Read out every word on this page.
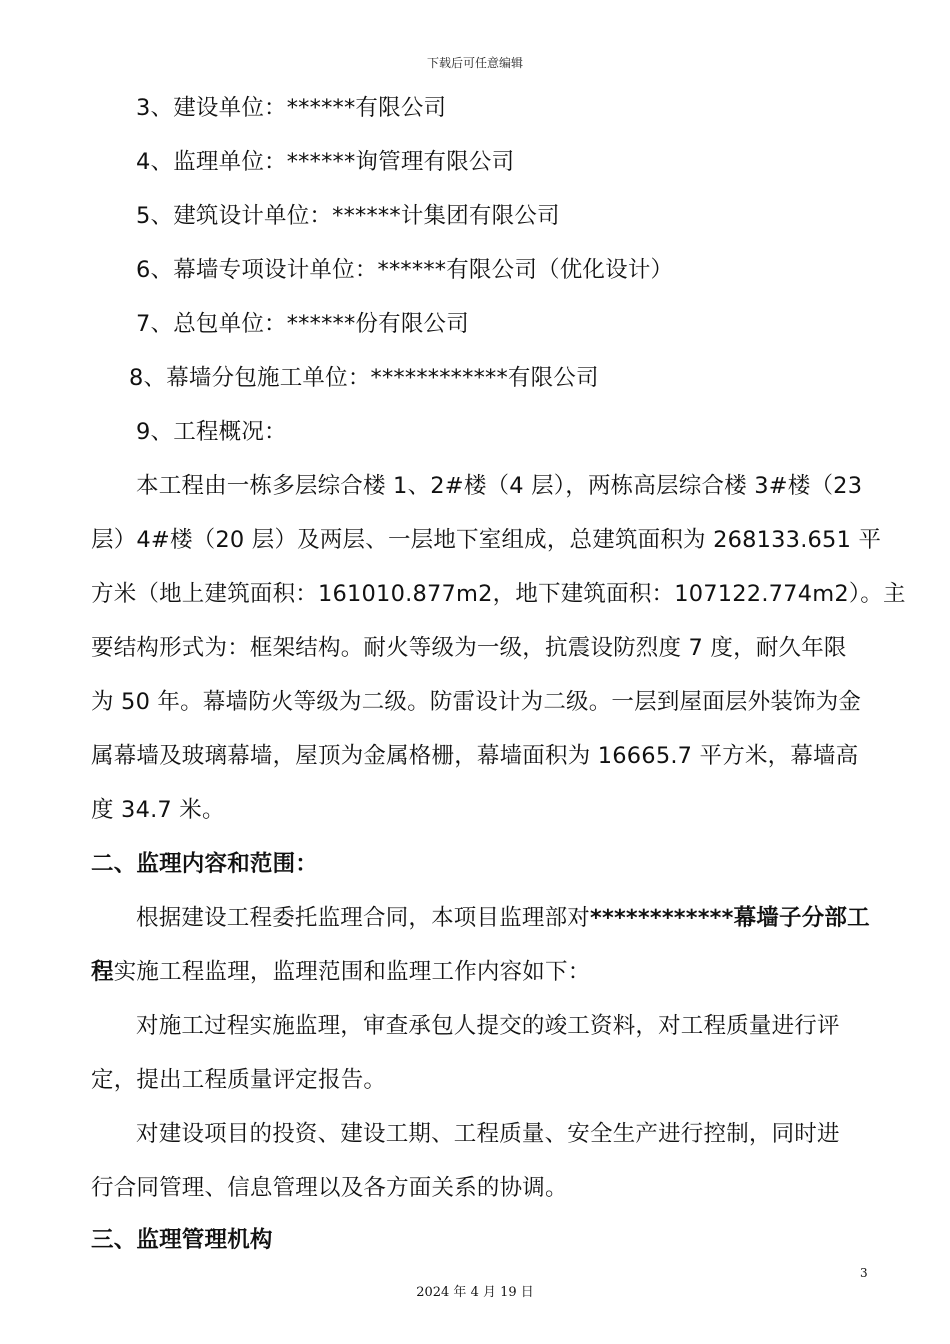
下载后可任意编辑
3、建设单位：******有限公司
4、监理单位：******询管理有限公司
5、建筑设计单位：******计集团有限公司
6、幕墙专项设计单位：******有限公司（优化设计）
7、总包单位：******份有限公司
8、幕墙分包施工单位：************有限公司
9、工程概况：
本工程由一栋多层综合楼 1、2#楼（4 层），两栋高层综合楼 3#楼（23
层）4#楼（20 层）及两层、一层地下室组成，总建筑面积为 268133.651 平
方米（地上建筑面积：161010.877m2，地下建筑面积：107122.774m2）。主
要结构形式为：框架结构。耐火等级为一级，抗震设防烈度 7 度，耐久年限
为 50 年。幕墙防火等级为二级。防雷设计为二级。一层到屋面层外装饰为金
属幕墙及玻璃幕墙，屋顶为金属格栅，幕墙面积为 16665.7 平方米，幕墙高
度 34.7 米。
二、监理内容和范围：
根据建设工程委托监理合同，本项目监理部对************幕墙子分部工
程实施工程监理，监理范围和监理工作内容如下：
对施工过程实施监理，审查承包人提交的竣工资料，对工程质量进行评
定，提出工程质量评定报告。
对建设项目的投资、建设工期、工程质量、安全生产进行控制，同时进
行合同管理、信息管理以及各方面关系的协调。
三、监理管理机构
3
2024 年 4 月 19 日
